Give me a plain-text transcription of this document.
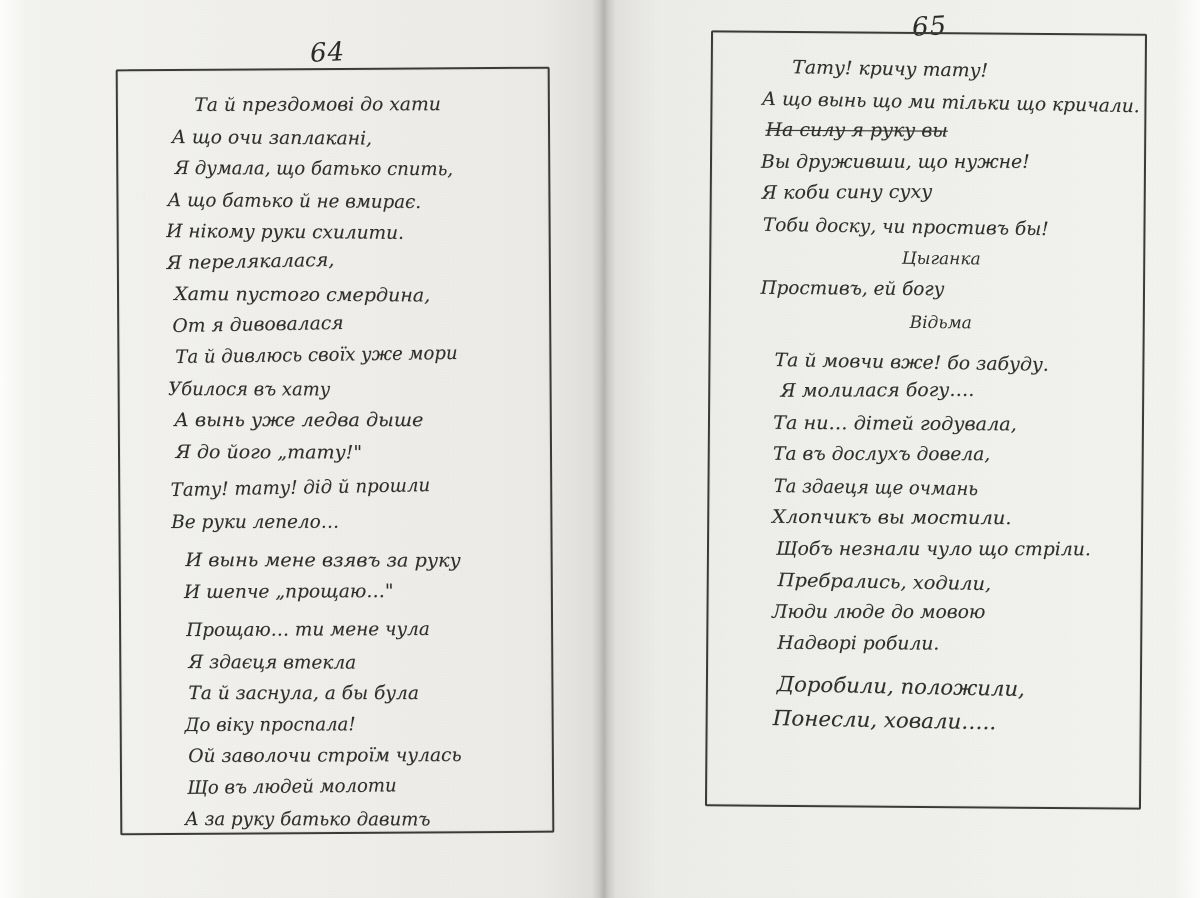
64
Та й прездомові до хати
А що очи заплакані,
Я думала, що батько спить,
А що батько й не вмирає.
И нікому руки схилити.
Я перелякалася,
Хати пустого смердина,
От я дивовалася
Та й дивлюсь своїх уже мори
Убилося въ хату
А вынь уже ледва дыше
Я до його „тату!"
Тату! тату! дід й прошли
Ве руки лепело…
И вынь мене взявъ за руку
И шепче „прощаю…"
Прощаю… ти мене чула
Я здаєця втекла
Та й заснула, а бы була
До віку проспала!
Ой заволочи строїм чулась
Що въ людей молоти
А за руку батько давитъ
65
Тату! кричу тату!
А що вынь що ми тільки що кричали.
На силу я руку вы
Вы друживши, що нужне!
Я коби сину суху
Тоби доску, чи простивъ бы!
Цыганка
Простивъ, ей богу
Відьма
Та й мовчи вже! бо забуду.
Я молилася богу….
Та ни… дітей годувала,
Та въ дослухъ довела,
Та здаеця ще очмань
Хлопчикъ вы мостили.
Щобъ незнали чуло що стріли.
Пребрались, ходили,
Люди люде до мовою
Надворі робили.
Доробили, положили,
Понесли, ховали…..
